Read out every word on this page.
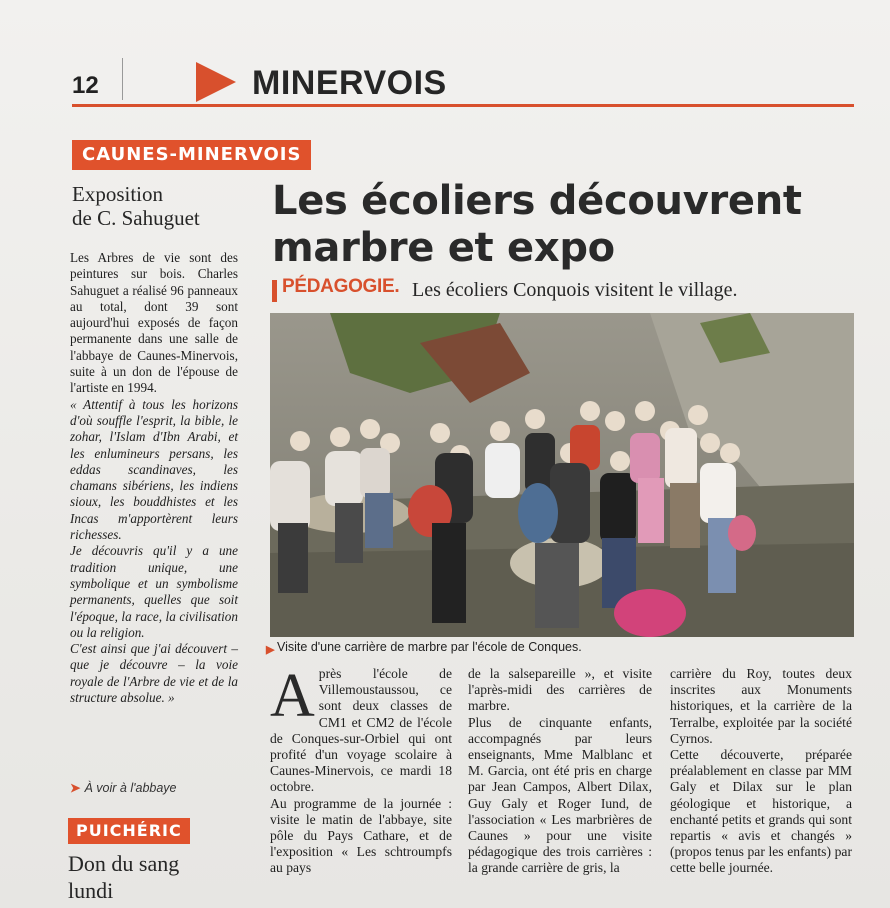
12	MINERVOIS
CAUNES-MINERVOIS
Exposition
de C. Sahuguet

Les Arbres de vie sont des peintures sur bois. Charles Sahuguet a réalisé 96 panneaux au total, dont 39 sont aujourd'hui exposés de façon permanente dans une salle de l'abbaye de Caunes-Minervois, suite à un don de l'épouse de l'artiste en 1994.

« Attentif à tous les horizons d'où souffle l'esprit, la bible, le zohar, l'Islam d'Ibn Arabi, et les enlumineurs persans, les eddas scandinaves, les chamans sibériens, les indiens sioux, les bouddhistes et les Incas m'apportèrent leurs richesses.

Je découvris qu'il y a une tradition unique, une symbolique et un symbolisme permanents, quelles que soit l'époque, la race, la civilisation ou la religion.

C'est ainsi que j'ai découvert – que je découvre – la voie royale de l'Arbre de vie et de la structure absolue. »

➤ À voir à l'abbaye
PUICHÉRIC
Don du sang
lundi
Les écoliers découvrent
marbre et expo
PÉDAGOGIE. Les écoliers Conquois visitent le village.
▶ Visite d'une carrière de marbre par l'école de Conques.
A près l'école de Villemoustaussou, ce sont deux classes de CM1 et CM2 de l'école de Conques-sur-Orbiel qui ont profité d'un voyage scolaire à Caunes-Minervois, ce mardi 18 octobre.

Au programme de la journée : visite le matin de l'abbaye, site pôle du Pays Cathare, et de l'exposition « Les schtroumpfs au pays

de la salsepareille », et visite l'après-midi des carrières de marbre.

Plus de cinquante enfants, accompagnés par leurs enseignants, Mme Malblanc et M. Garcia, ont été pris en charge par Jean Campos, Albert Dilax, Guy Galy et Roger Iund, de l'association « Les marbrières de Caunes » pour une visite pédagogique des trois carrières : la grande carrière de gris, la

carrière du Roy, toutes deux inscrites aux Monuments historiques, et la carrière de la Terralbe, exploitée par la société Cyrnos.

Cette découverte, préparée préalablement en classe par MM Galy et Dilax sur le plan géologique et historique, a enchanté petits et grands qui sont repartis « avis et changés » (propos tenus par les enfants) par cette belle journée.
